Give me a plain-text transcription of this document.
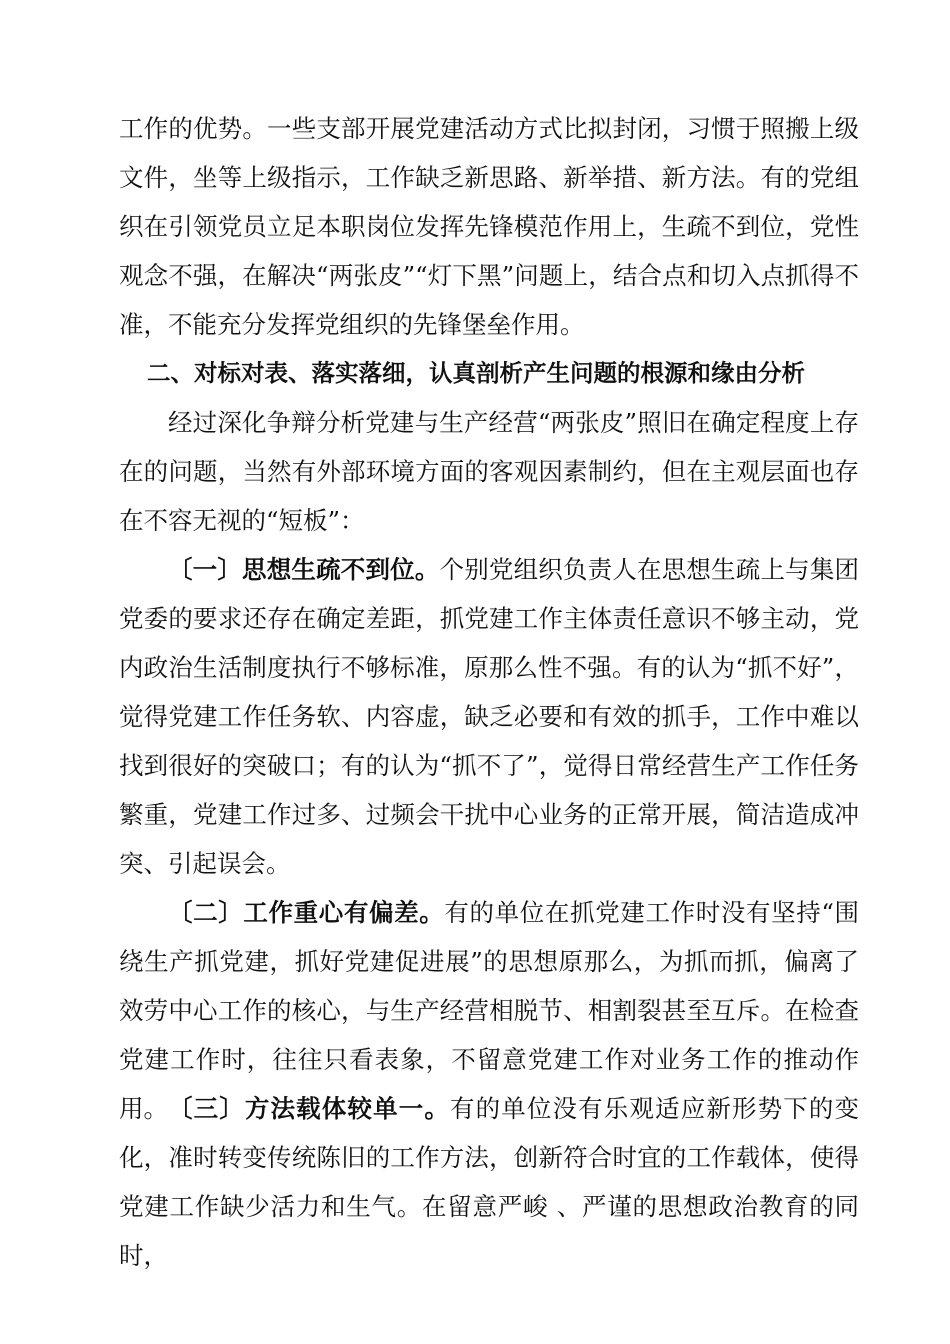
工作的优势。一些支部开展党建活动方式比拟封闭，习惯于照搬上级文件，坐等上级指示，工作缺乏新思路、新举措、新方法。有的党组织在引领党员立足本职岗位发挥先锋模范作用上，生疏不到位，党性观念不强，在解决“两张皮”“灯下黑”问题上，结合点和切入点抓得不准，不能充分发挥党组织的先锋堡垒作用。

二、对标对表、落实落细，认真剖析产生问题的根源和缘由分析

经过深化争辩分析党建与生产经营“两张皮”照旧在确定程度上存在的问题，当然有外部环境方面的客观因素制约，但在主观层面也存在不容无视的“短板”：

〔一〕思想生疏不到位。个别党组织负责人在思想生疏上与集团党委的要求还存在确定差距，抓党建工作主体责任意识不够主动，党内政治生活制度执行不够标准，原那么性不强。有的认为“抓不好”，觉得党建工作任务软、内容虚，缺乏必要和有效的抓手，工作中难以找到很好的突破口；有的认为“抓不了”，觉得日常经营生产工作任务繁重，党建工作过多、过频会干扰中心业务的正常开展，简洁造成冲突、引起误会。

〔二〕工作重心有偏差。有的单位在抓党建工作时没有坚持“围绕生产抓党建，抓好党建促进展”的思想原那么，为抓而抓，偏离了效劳中心工作的核心，与生产经营相脱节、相割裂甚至互斥。在检查党建工作时，往往只看表象，不留意党建工作对业务工作的推动作用。 〔三〕方法载体较单一。有的单位没有乐观适应新形势下的变化，准时转变传统陈旧的工作方法，创新符合时宜的工作载体，使得党建工作缺少活力和生气。在留意严峻 、严谨的思想政治教育的同时，
